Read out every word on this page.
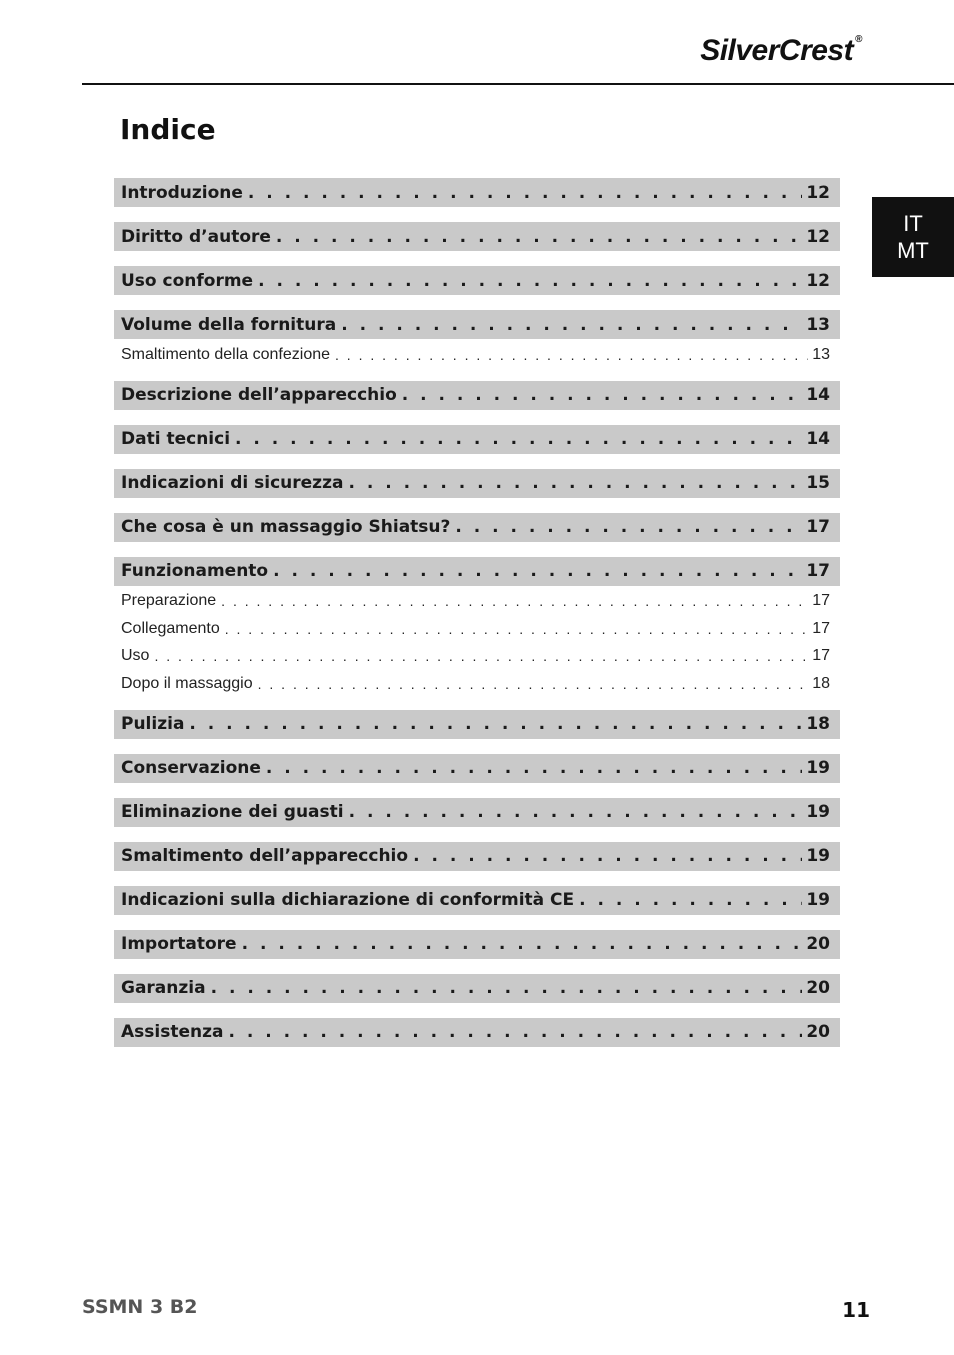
SilverCrest ®
Indice
IT
MT
Introduzione . . .	12
Diritto d’autore . . .	12
Uso conforme . . .	12
Volume della fornitura . . .	13
Smaltimento della confezione . . .	13
Descrizione dell’apparecchio . . .	14
Dati tecnici . . .	14
Indicazioni di sicurezza . . .	15
Che cosa è un massaggio Shiatsu? . . .	17
Funzionamento . . .	17
Preparazione . . .	17
Collegamento . . .	17
Uso . . .	17
Dopo il massaggio . . .	18
Pulizia . . .	18
Conservazione . . .	19
Eliminazione dei guasti . . .	19
Smaltimento dell’apparecchio . . .	19
Indicazioni sulla dichiarazione di conformità CE . . .	19
Importatore . . .	20
Garanzia . . .	20
Assistenza . . .	20
SSMN 3 B2	11
